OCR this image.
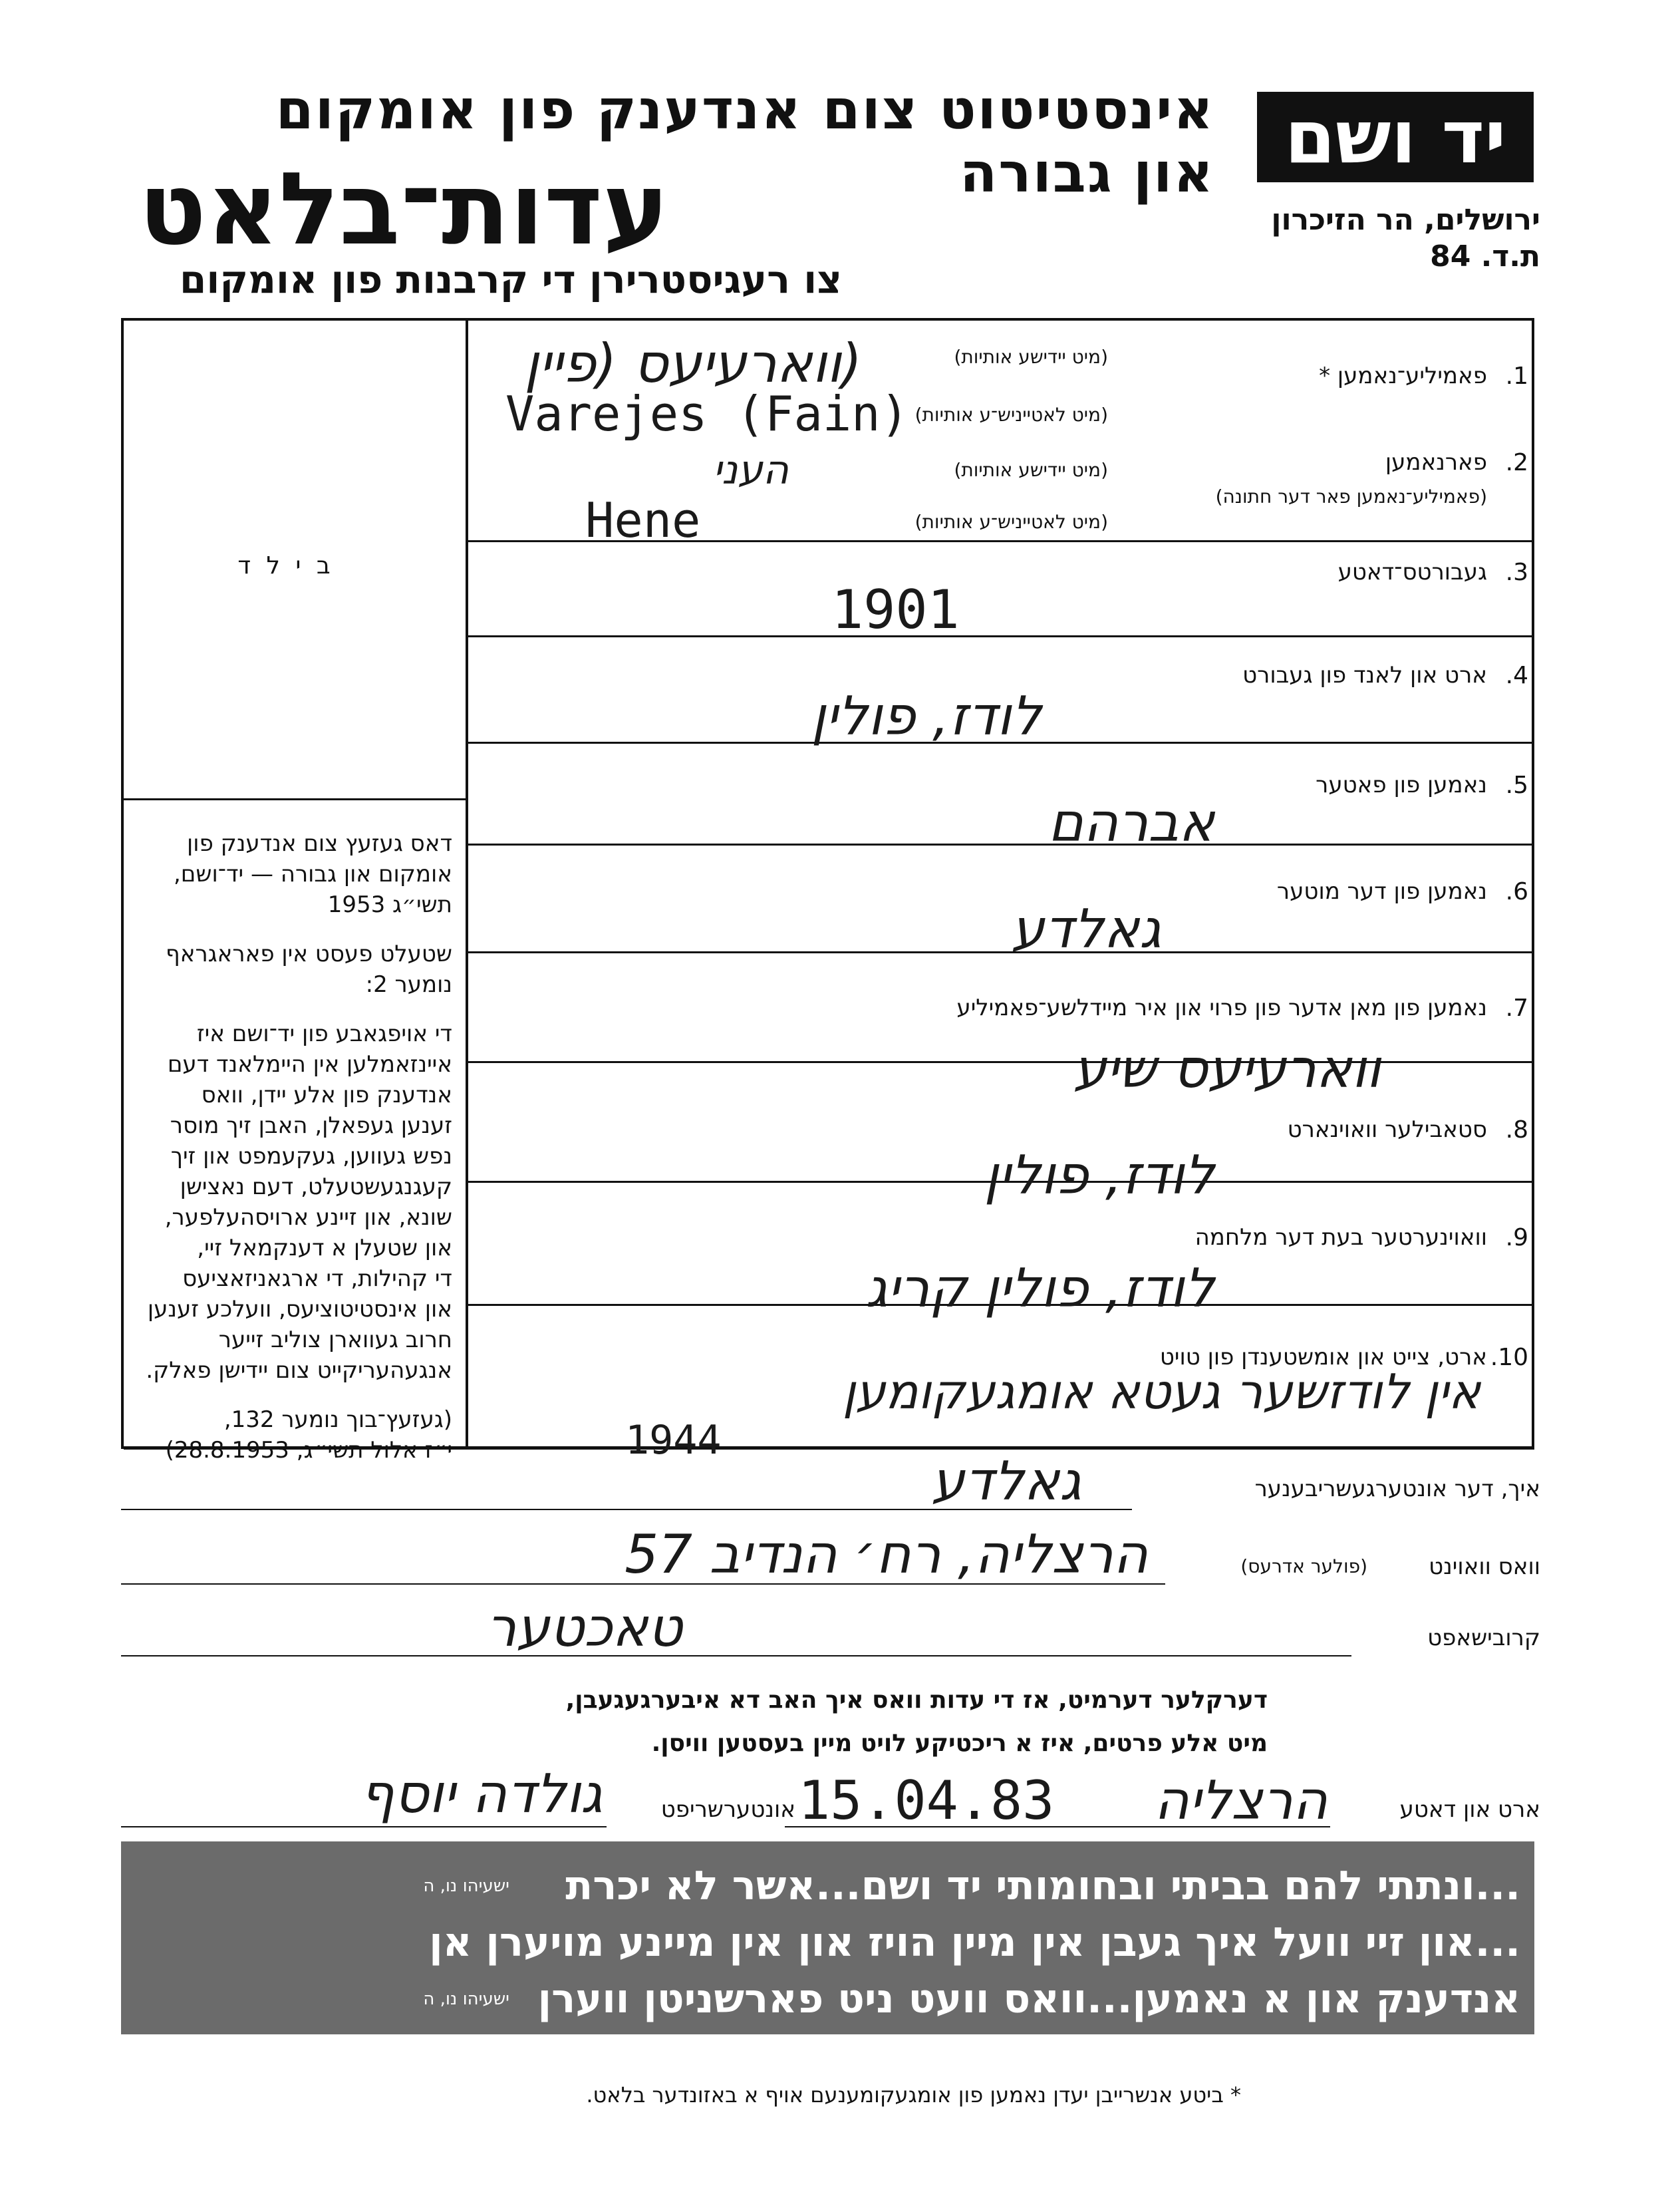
אינסטיטוט צום אנדענק פון אומקום און גבורה
עדות־בלאט
צו רעגיסטרירן די קרבנות פון אומקום
יד ושם
ירושלים, הר הזיכרון
ת.ד. 84
ב י ל ד
דאס געזעץ צום אנדענק פון
אומקום און גבורה — יד־ושם,
תשי״ג 1953
שטעלט פעסט אין פאראגראף
נומער 2:
די אויפגאבע פון יד־ושם איז
איינזאמלען אין היימלאנד דעם
אנדענק פון אלע יידן, וואס
זענען געפאלן, האבן זיך מוסר
נפש געווען, געקעמפט און זיך
קעגנגעשטעלט, דעם נאצישן
שונא, און זיינע ארויסהעלפער,
און שטעלן א דענקמאל זיי,
די קהילות, די ארגאניזאציעס
און אינסטיטוציעס, וועלכע זענען
חרוב געווארן צוליב זייער
אנגעהעריקייט צום יידישן פאלק.
(געזעץ־בוך נומער 132,
י״ז אלול תשי״ג, 28.8.1953)
1.
פאמיליע־נאמען *
(מיט יידישע אותיות)
(מיט לאטייניש־ע אותיות)
(ווארעיעס (פיין
Varejes (Fain)
2.
פארנאמען
(פאמיליע־נאמען פאר דער חתונה)
(מיט יידישע אותיות)
(מיט לאטייניש־ע אותיות)
העני
Hene
3.
געבורטס־דאטע
1901
4.
ארט און לאנד פון געבורט
לודז, פולין
5.
נאמען פון פאטער
אברהם
6.
נאמען פון דער מוטער
גאלדע
7.
נאמען פון מאן אדער פון פרוי און איר מיידלשע־פאמיליע
ווארעיעס שיע
8.
סטאבילער וואוינארט
לודז, פולין
9.
וואוינערטער בעת דער מלחמה
לודז, פולין קריג
10.
ארט, צייט און אומשטענדן פון טויט
אין לודזשער געטא אומגעקומען
1944
איך, דער אונטערגעשריבענער
גאלדע
וואס וואוינט
(פולער אדרעס)
הרצליה, רח׳ הנדיב 57
קרובישאפט
טאכטער
דערקלער דערמיט, אז די עדות וואס איך האב דא איבערגעגעבן,
מיט אלע פרטים, איז א ריכטיקע לויט מיין בעסטען וויסן.
ארט און דאטע
הרצליה
15.04.83
אונטערשריפט
גולדה יוסף
...ונתתי להם בביתי ובחומותי יד ושם...אשר לא יכרת
ישעיהו נו, ה
...און זיי וועל איך געבן אין מיין הויז און אין מיינע מויערן אן
אנדענק און א נאמען...וואס וועט ניט פארשניטן ווערן
ישעיהו נו, ה
* ביטע אנשרייבן יעדן נאמען פון אומגעקומענעם אויף א באזונדער בלאט.
